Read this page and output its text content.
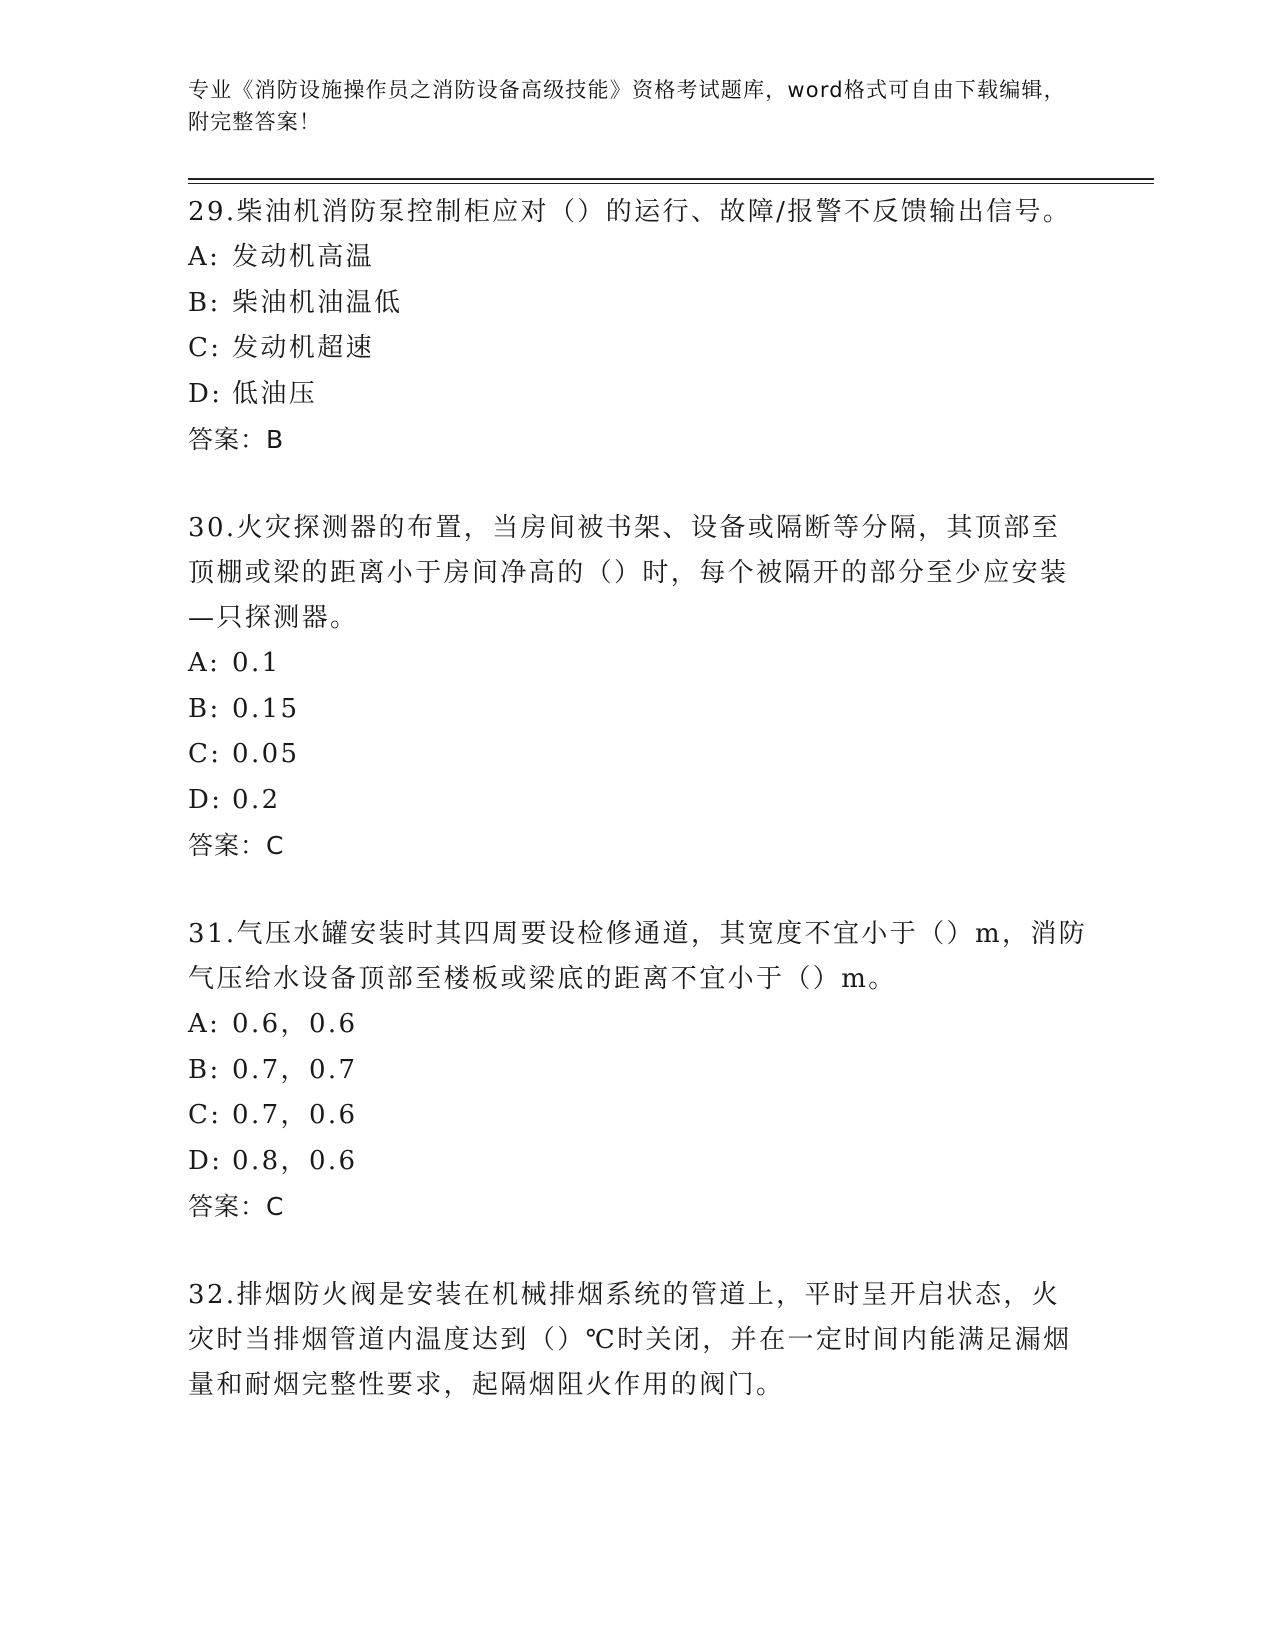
专业《消防设施操作员之消防设备高级技能》资格考试题库，word格式可自由下载编辑，附完整答案！

29.柴油机消防泵控制柜应对（）的运行、故障/报警不反馈输出信号。

A: 发动机高温

B: 柴油机油温低

C: 发动机超速

D: 低油压

答案：B

30.火灾探测器的布置，当房间被书架、设备或隔断等分隔，其顶部至顶棚或梁的距离小于房间净高的（）时，每个被隔开的部分至少应安装—只探测器。

A: 0.1

B: 0.15

C: 0.05

D: 0.2

答案：C

31.气压水罐安装时其四周要设检修通道，其宽度不宜小于（）m，消防气压给水设备顶部至楼板或梁底的距离不宜小于（）m。

A: 0.6，0.6

B: 0.7，0.7

C: 0.7，0.6

D: 0.8，0.6

答案：C

32.排烟防火阀是安装在机械排烟系统的管道上，平时呈开启状态，火灾时当排烟管道内温度达到（）℃时关闭，并在一定时间内能满足漏烟量和耐烟完整性要求，起隔烟阻火作用的阀门。
